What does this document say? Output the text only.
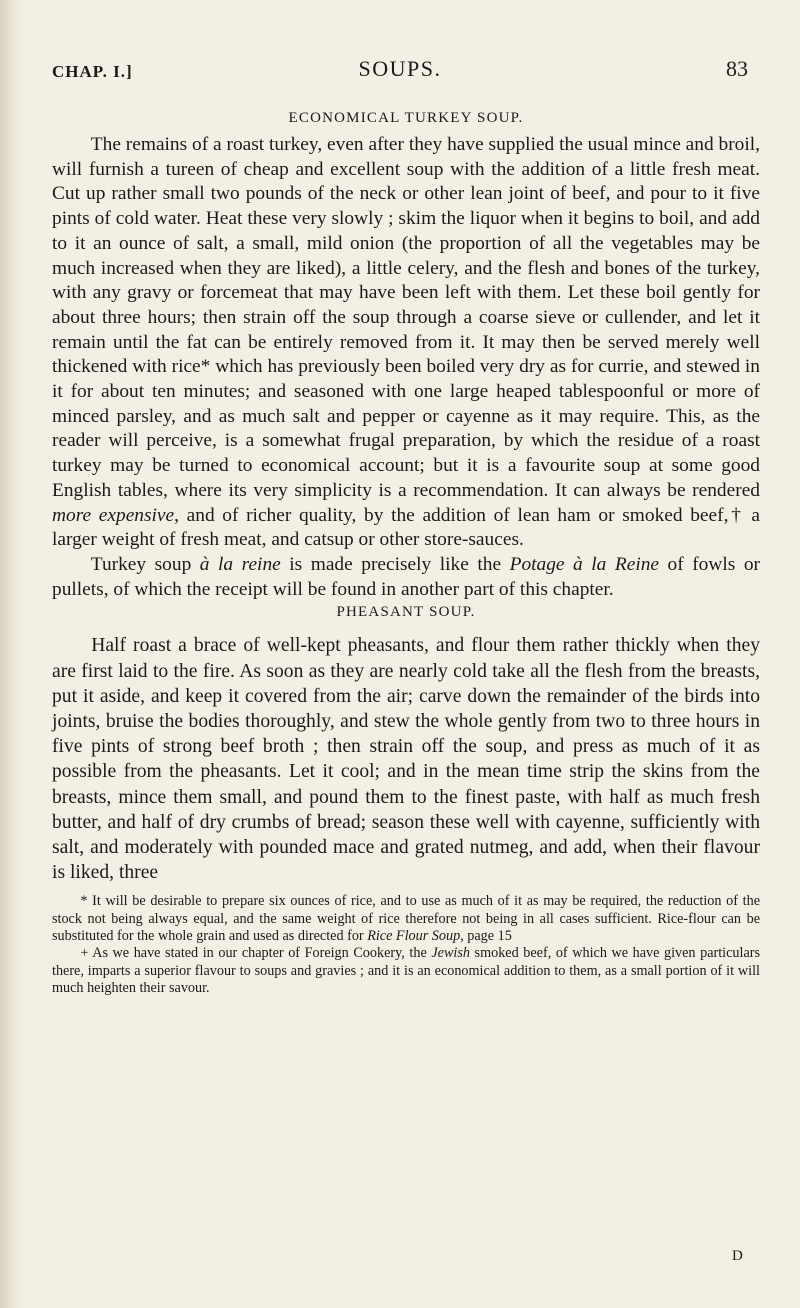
CHAP. I.]	SOUPS.	83
ECONOMICAL TURKEY SOUP.

The remains of a roast turkey, even after they have supplied the usual mince and broil, will furnish a tureen of cheap and excellent soup with the addition of a little fresh meat. Cut up rather small two pounds of the neck or other lean joint of beef, and pour to it five pints of cold water. Heat these very slowly ; skim the liquor when it begins to boil, and add to it an ounce of salt, a small, mild onion (the proportion of all the vegetables may be much increased when they are liked), a little celery, and the flesh and bones of the turkey, with any gravy or forcemeat that may have been left with them. Let these boil gently for about three hours; then strain off the soup through a coarse sieve or cullender, and let it remain until the fat can be entirely removed from it. It may then be served merely well thickened with rice* which has previously been boiled very dry as for currie, and stewed in it for about ten minutes; and seasoned with one large heaped tablespoonful or more of minced parsley, and as much salt and pepper or cayenne as it may require. This, as the reader will perceive, is a somewhat frugal preparation, by which the residue of a roast turkey may be turned to economical account; but it is a favourite soup at some good English tables, where its very simplicity is a recommendation. It can always be rendered more expensive, and of richer quality, by the addition of lean ham or smoked beef,† a larger weight of fresh meat, and catsup or other store-sauces.

Turkey soup à la reine is made precisely like the Potage à la Reine of fowls or pullets, of which the receipt will be found in another part of this chapter.

PHEASANT SOUP.

Half roast a brace of well-kept pheasants, and flour them rather thickly when they are first laid to the fire. As soon as they are nearly cold take all the flesh from the breasts, put it aside, and keep it covered from the air; carve down the remainder of the birds into joints, bruise the bodies thoroughly, and stew the whole gently from two to three hours in five pints of strong beef broth ; then strain off the soup, and press as much of it as possible from the pheasants. Let it cool; and in the mean time strip the skins from the breasts, mince them small, and pound them to the finest paste, with half as much fresh butter, and half of dry crumbs of bread; season these well with cayenne, sufficiently with salt, and moderately with pounded mace and grated nutmeg, and add, when their flavour is liked, three

* It will be desirable to prepare six ounces of rice, and to use as much of it as may be required, the reduction of the stock not being always equal, and the same weight of rice therefore not being in all cases sufficient. Rice-flour can be substituted for the whole grain and used as directed for Rice Flour Soup, page 15

+ As we have stated in our chapter of Foreign Cookery, the Jewish smoked beef, of which we have given particulars there, imparts a superior flavour to soups and gravies ; and it is an economical addition to them, as a small portion of it will much heighten their savour.

D
